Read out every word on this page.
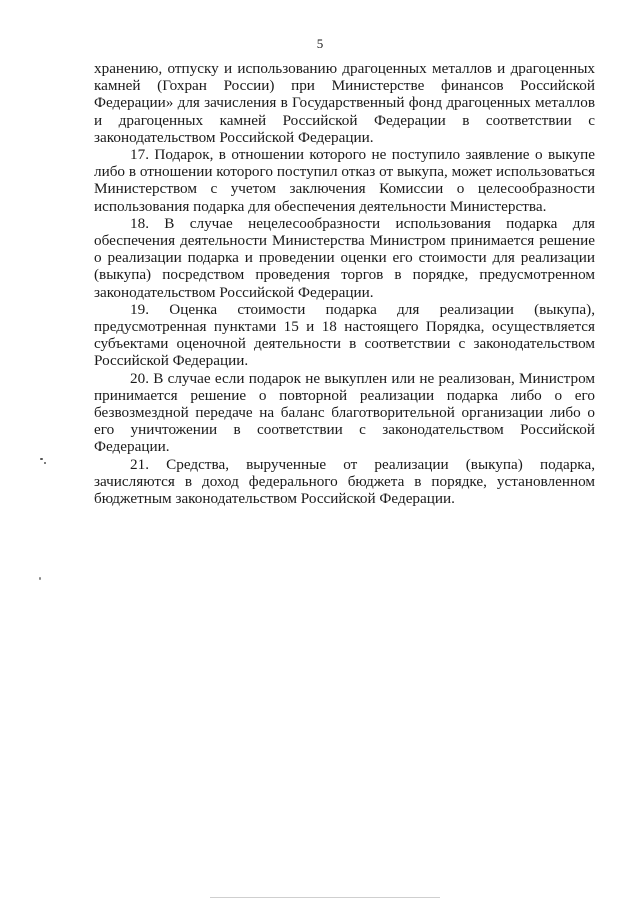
5

хранению, отпуску и использованию драгоценных металлов и драгоценных камней (Гохран России) при Министерстве финансов Российской Федерации» для зачисления в Государственный фонд драгоценных металлов и драгоценных камней Российской Федерации в соответствии с законодательством Российской Федерации.

17. Подарок, в отношении которого не поступило заявление о выкупе либо в отношении которого поступил отказ от выкупа, может использоваться Министерством с учетом заключения Комиссии о целесообразности использования подарка для обеспечения деятельности Министерства.

18. В случае нецелесообразности использования подарка для обеспечения деятельности Министерства Министром принимается решение о реализации подарка и проведении оценки его стоимости для реализации (выкупа) посредством проведения торгов в порядке, предусмотренном законодательством Российской Федерации.

19. Оценка стоимости подарка для реализации (выкупа), предусмотренная пунктами 15 и 18 настоящего Порядка, осуществляется субъектами оценочной деятельности в соответствии с законодательством Российской Федерации.

20. В случае если подарок не выкуплен или не реализован, Министром принимается решение о повторной реализации подарка либо о его безвозмездной передаче на баланс благотворительной организации либо о его уничтожении в соответствии с законодательством Российской Федерации.

21. Средства, вырученные от реализации (выкупа) подарка, зачисляются в доход федерального бюджета в порядке, установленном бюджетным законодательством Российской Федерации.
